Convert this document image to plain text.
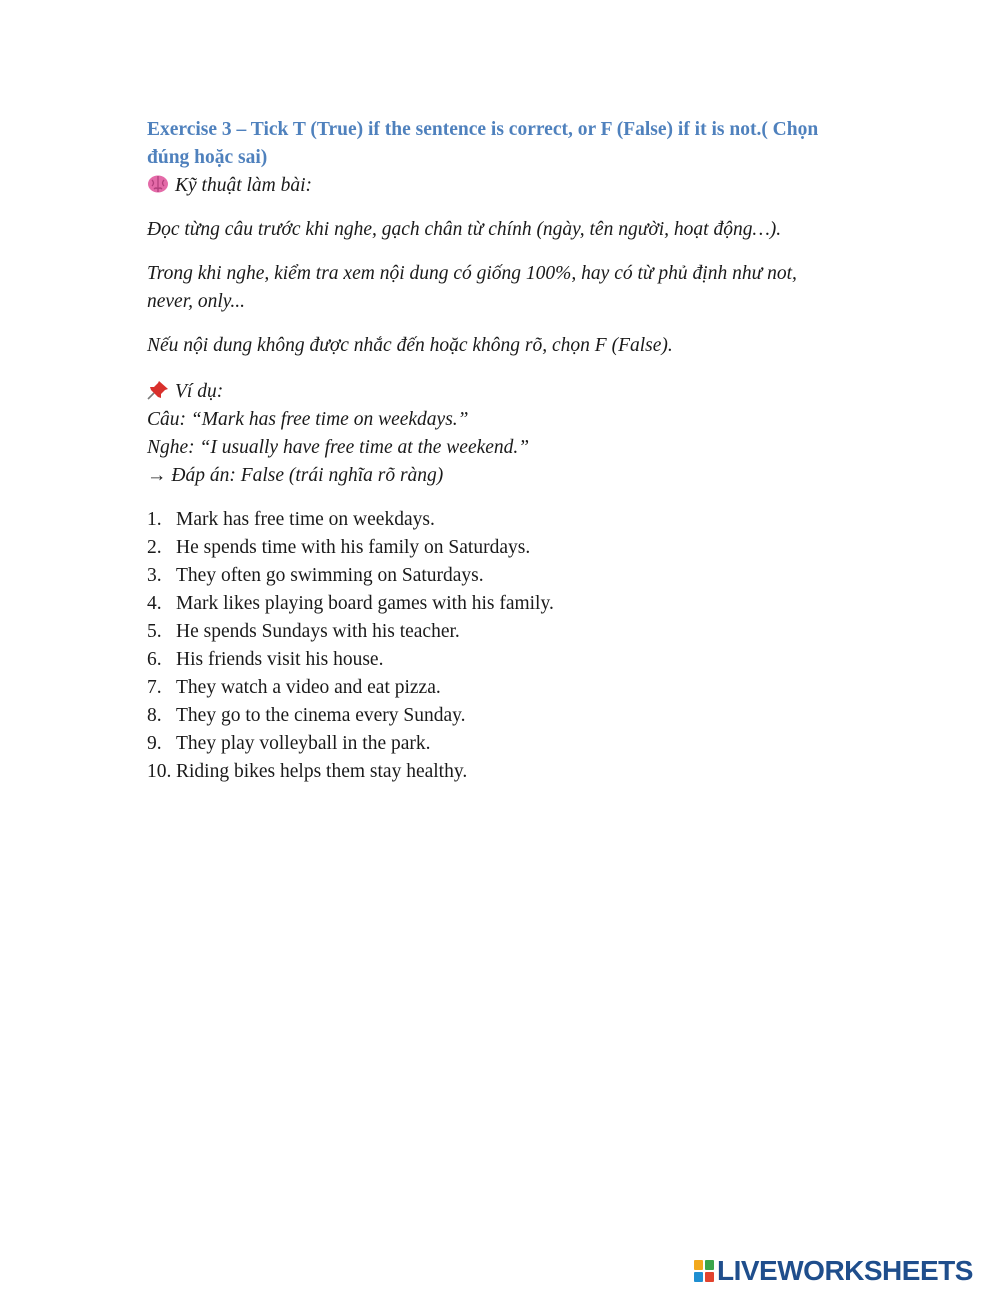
Exercise 3 – Tick T (True) if the sentence is correct, or F (False) if it is not.( Chọn đúng hoặc sai)

Kỹ thuật làm bài:

Đọc từng câu trước khi nghe, gạch chân từ chính (ngày, tên người, hoạt động…).

Trong khi nghe, kiểm tra xem nội dung có giống 100%, hay có từ phủ định như not, never, only...

Nếu nội dung không được nhắc đến hoặc không rõ, chọn F (False).

Ví dụ:

Câu: “Mark has free time on weekdays.”

Nghe: “I usually have free time at the weekend.”

→ Đáp án: False (trái nghĩa rõ ràng)

1. Mark has free time on weekdays.
2. He spends time with his family on Saturdays.
3. They often go swimming on Saturdays.
4. Mark likes playing board games with his family.
5. He spends Sundays with his teacher.
6. His friends visit his house.
7. They watch a video and eat pizza.
8. They go to the cinema every Sunday.
9. They play volleyball in the park.
10. Riding bikes helps them stay healthy.
LIVEWORKSHEETS
